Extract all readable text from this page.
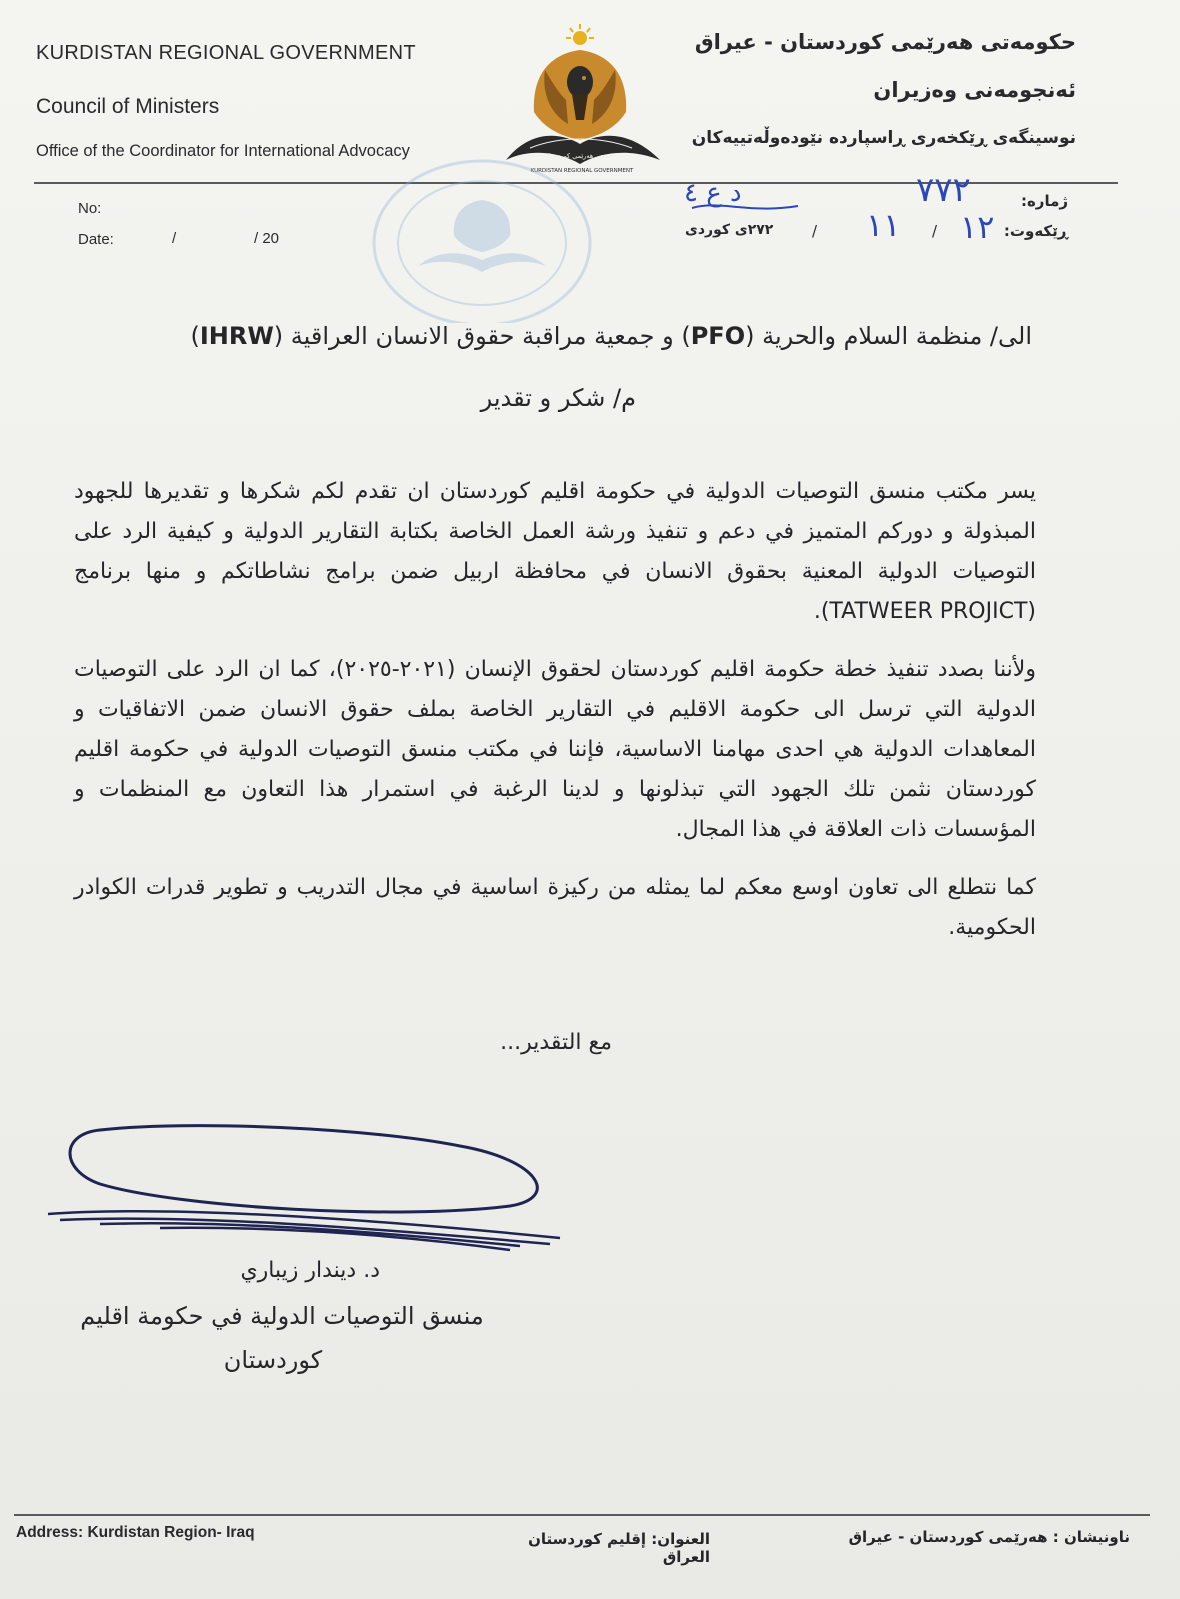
KURDISTAN REGIONAL GOVERNMENT
Council of Ministers
Office of the Coordinator for International Advocacy
حکومەتی هەرێمی کوردستان - عیراق
ئەنجومەنی وەزیران
نوسینگەی ڕێکخەری ڕاسپاردە نێودەوڵەتییەکان
حكومەتی هەرێمی كوردستان
KURDISTAN REGIONAL GOVERNMENT
No:
Date:	/	/ 20
ژمارە:
ڕێکەوت:
/
/
٢٧٢ی كوردی
٧٧٢
د ع ٤
١٢
١١
الى/ منظمة السلام والحرية (PFO) و جمعية مراقبة حقوق الانسان العراقية (IHRW)
م/ شكر و تقدير

يسر مكتب منسق التوصيات الدولية في حكومة اقليم كوردستان ان تقدم لكم شكرها و تقديرها للجهود المبذولة و دوركم المتميز في دعم و تنفيذ ورشة العمل الخاصة بكتابة التقارير الدولية و كيفية الرد على التوصيات الدولية المعنية بحقوق الانسان في محافظة اربيل ضمن برامج نشاطاتكم و منها برنامج (TATWEER PROJICT).

ولأننا بصدد تنفيذ خطة حكومة اقليم كوردستان لحقوق الإنسان (٢٠٢١-٢٠٢٥)، كما ان الرد على التوصيات الدولية التي ترسل الى حكومة الاقليم في التقارير الخاصة بملف حقوق الانسان ضمن الاتفاقيات و المعاهدات الدولية هي احدى مهامنا الاساسية، فإننا في مكتب منسق التوصيات الدولية في حكومة اقليم كوردستان نثمن تلك الجهود التي تبذلونها و لدينا الرغبة في استمرار هذا التعاون مع المنظمات و المؤسسات ذات العلاقة في هذا المجال.

كما نتطلع الى تعاون اوسع معكم لما يمثله من ركيزة اساسية في مجال التدريب و تطوير قدرات الكوادر الحكومية.

مع التقدير...
د. ديندار زيباري
منسق التوصيات الدولية في حكومة اقليم
كوردستان
Address: Kurdistan Region- Iraq	العنوان: إقليم كوردستان العراق
ناونیشان : هەرێمی کوردستان - عیراق
